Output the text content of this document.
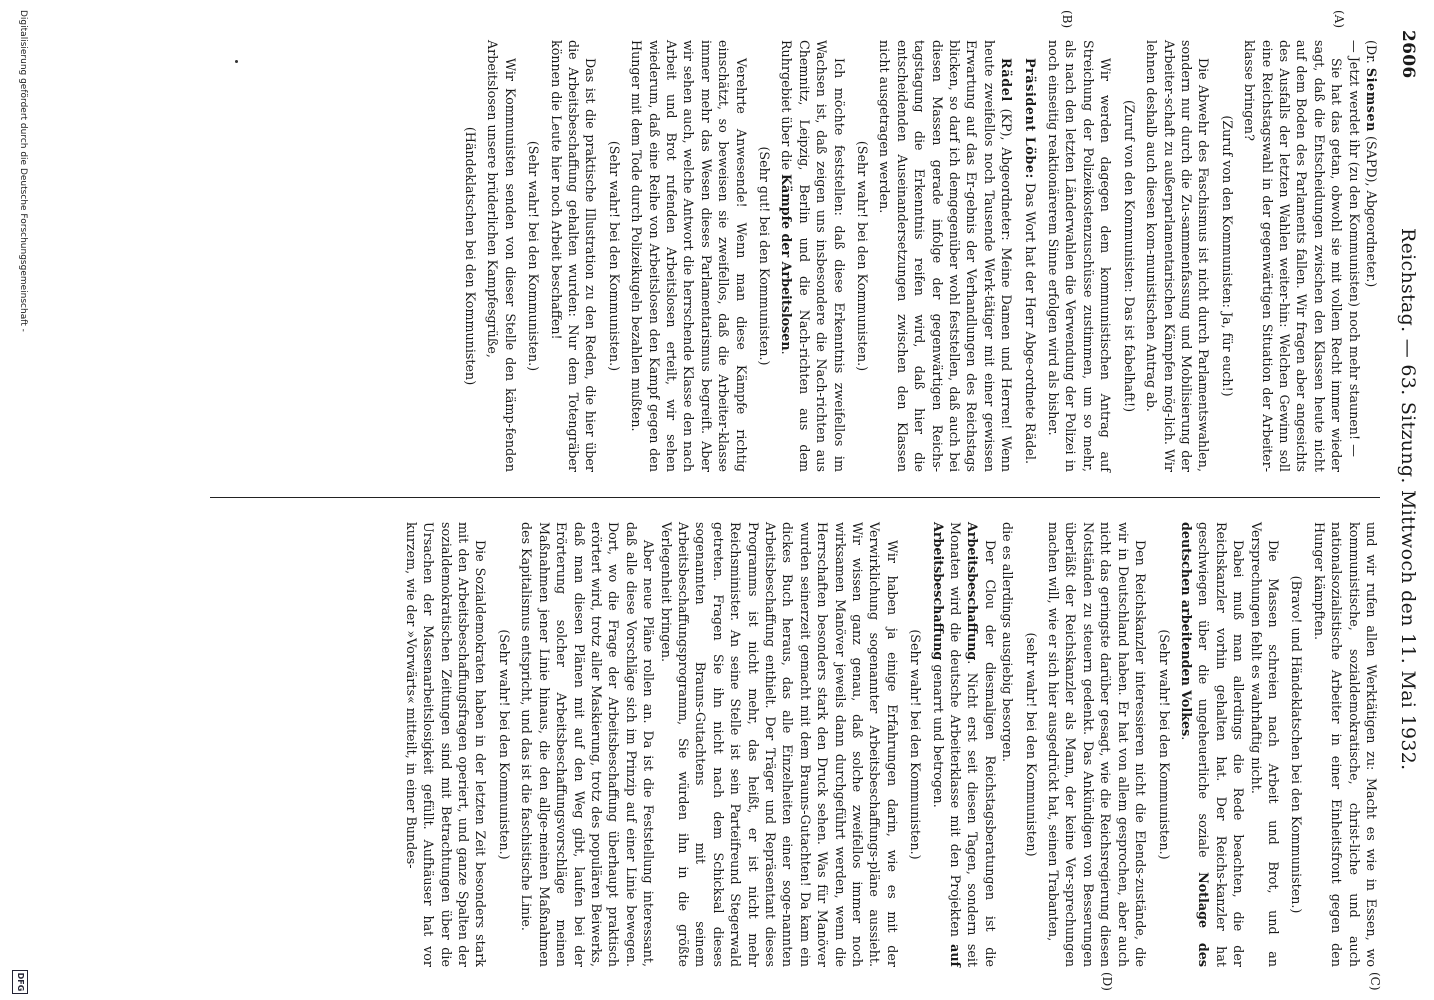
2606
Reichstag. — 63. Sitzung. Mittwoch den 11. Mai 1932.
(A)
(B)
(C)
(D)

(Dr. Siemsen (SAPD), Abgeordneter.)

— Jetzt werdet ihr (zu den Kommunisten) noch mehr staunen! —

Sie hat das getan, obwohl sie mit vollem Recht immer wieder sagt, daß die Entscheidungen zwischen den Klassen heute nicht auf dem Boden des Parlaments fallen. Wir fragen aber angesichts des Ausfalls der letzten Wahlen weiter-hin: Welchen Gewinn soll eine Reichstagswahl in der gegenwärtigen Situation der Arbeiter-klasse bringen?

(Zuruf von den Kommunisten: Ja, für euch!)

Die Abwehr des Faschismus ist nicht durch Parlamentswahlen, sondern nur durch die Zu-sammenfassung und Mobilisierung der Arbeiter-schaft zu außerparlamentarischen Kämpfen mög-lich. Wir lehnen deshalb auch diesen kom-munistischen Antrag ab.

(Zuruf von den Kommunisten: Das ist fabelhaft!)

Wir werden dagegen dem kommunistischen Antrag auf Streichung der Polizeikostenzuschüsse zustimmen, um so mehr, als nach den letzten Länderwahlen die Verwendung der Polizei in noch einseitig reaktionärerem Sinne erfolgen wird als bisher.

Präsident Löbe: Das Wort hat der Herr Abge-ordnete Rädel.

Rädel (KP), Abgeordneter: Meine Damen und Herren! Wenn heute zweifellos noch Tausende Werk-tätiger mit einer gewissen Erwartung auf das Er-gebnis der Verhandlungen des Reichstags blicken, so darf ich demgegenüber wohl feststellen, daß auch bei diesen Massen gerade infolge der gegenwärtigen Reichs-tagstagung die Erkenntnis reifen wird, daß hier die entscheidenden Auseinandersetzungen zwischen den Klassen nicht ausgetragen werden.

(Sehr wahr! bei den Kommunisten.)

Ich möchte feststellen: daß diese Erkenntnis zweifellos im Wachsen ist, daß zeigen uns insbesondere die Nach-richten aus Chemnitz, Leipzig, Berlin und die Nach-richten aus dem Ruhrgebiet über die Kämpfe der Arbeitslosen.

(Sehr gut! bei den Kommunisten.)

Verehrte Anwesende! Wenn man diese Kämpfe richtig einschätzt, so beweisen sie zweifellos, daß die Arbeiter-klasse immer mehr das Wesen dieses Parlamentarismus begreift. Aber wir sehen auch, welche Antwort die herrschende Klasse den nach Arbeit und Brot rufenden Arbeitslosen erteilt, wir sehen wiederum, daß eine Reihe von Arbeitslosen den Kampf gegen den Hunger mit dem Tode durch Polizeikugeln bezahlen mußten.

(Sehr wahr! bei den Kommunisten.)

Das ist die praktische Illustration zu den Reden, die hier über die Arbeitsbeschaffung gehalten wurden: Nur dem Totengräber können die Leute hier noch Arbeit beschaffen!

(Sehr wahr! bei den Kommunisten.)

Wir Kommunisten senden von dieser Stelle den kämp-fenden Arbeitslosen unsere brüderlichen Kampfesgrüße,

(Händeklatschen bei den Kommunisten)

und wir rufen allen Werktätigen zu: Macht es wie in Essen, wo kommunistische, sozialdemokratische, christ-liche und auch nationalsozialistische Arbeiter in einer Einheitsfront gegen den Hunger kämpften.

(Bravo! und Händeklatschen bei den Kommunisten.)

Die Massen schreien nach Arbeit und Brot, und an Versprechungen fehlt es wahrhaftig nicht.

Dabei muß man allerdings die Rede beachten, die der Reichskanzler vorhin gehalten hat. Der Reichs-kanzler hat geschwiegen über die ungeheuerliche soziale Notlage des deutschen arbeitenden Volkes.

(Sehr wahr! bei den Kommunisten.)

Den Reichskanzler interessieren nicht die Elends-zustände, die wir in Deutschland haben. Er hat von allem gesprochen, aber auch nicht das geringste darüber gesagt, wie die Reichsregierung diesen Notständen zu steuern gedenkt. Das Ankündigen von Besserungen überläßt der Reichskanzler als Mann, der keine Ver-sprechungen machen will, wie er sich hier ausgedrückt hat, seinen Trabanten,

(sehr wahr! bei den Kommunisten)

die es allerdings ausgiebig besorgen.

Der Clou der diesmaligen Reichstagsberatungen ist die Arbeitsbeschaffung. Nicht erst seit diesen Tagen, sondern seit Monaten wird die deutsche Arbeiterklasse mit den Projekten auf Arbeitsbeschaffung genarrt und betrogen.

(Sehr wahr! bei den Kommunisten.)

Wir haben ja einige Erfahrungen darin, wie es mit der Verwirklichung sogenannter Arbeitsbeschaffungs-pläne aussieht. Wir wissen ganz genau, daß solche zweifellos immer noch wirksamen Manöver jeweils dann durchgeführt werden, wenn die Herrschaften besonders stark den Druck sehen. Was für Manöver wurden seinerzeit gemacht mit dem Brauns-Gutachten! Da kam ein dickes Buch heraus, das alle Einzelheiten einer soge-nannten Arbeitsbeschaffung enthielt. Der Träger und Repräsentant dieses Programms ist nicht mehr, das heißt, er ist nicht mehr Reichsminister. An seine Stelle ist sein Parteifreund Stegerwald getreten. Fragen Sie ihn nicht nach dem Schicksal dieses sogenannten Brauns-Gutachtens mit seinem Arbeitsbeschaffungsprogramm, Sie würden ihn in die größte Verlegenheit bringen.

Aber neue Pläne rollen an. Da ist die Feststellung interessant, daß alle diese Vorschläge sich im Prinzip auf einer Linie bewegen. Dort, wo die Frage der Arbeitsbeschaffung überhaupt praktisch erörtert wird, trotz aller Maskierung, trotz des populären Beiwerks, daß man diesen Plänen mit auf den Weg gibt, laufen bei der Erörterung solcher Arbeitsbeschaffungsvorschläge meinen Maßnahmen jener Linie hinaus, die den allge-meinen Maßnahmen des Kapitalismus entspricht, und das ist die faschistische Linie.

(Sehr wahr! bei den Kommunisten.)

Die Sozialdemokraten haben in der letzten Zeit besonders stark mit den Arbeitsbeschaffungsfragen operiert, und ganze Spalten der sozialdemokratischen Zeitungen sind mit Betrachtungen über die Ursachen der Massenarbeitslosigkeit gefüllt. Aufhäuser hat vor kurzem, wie der »Vorwärts« mitteilt, in einer Bundes-

Digitalisierung gefördert durch die Deutsche Forschungsgemeinschaft -
DFG
